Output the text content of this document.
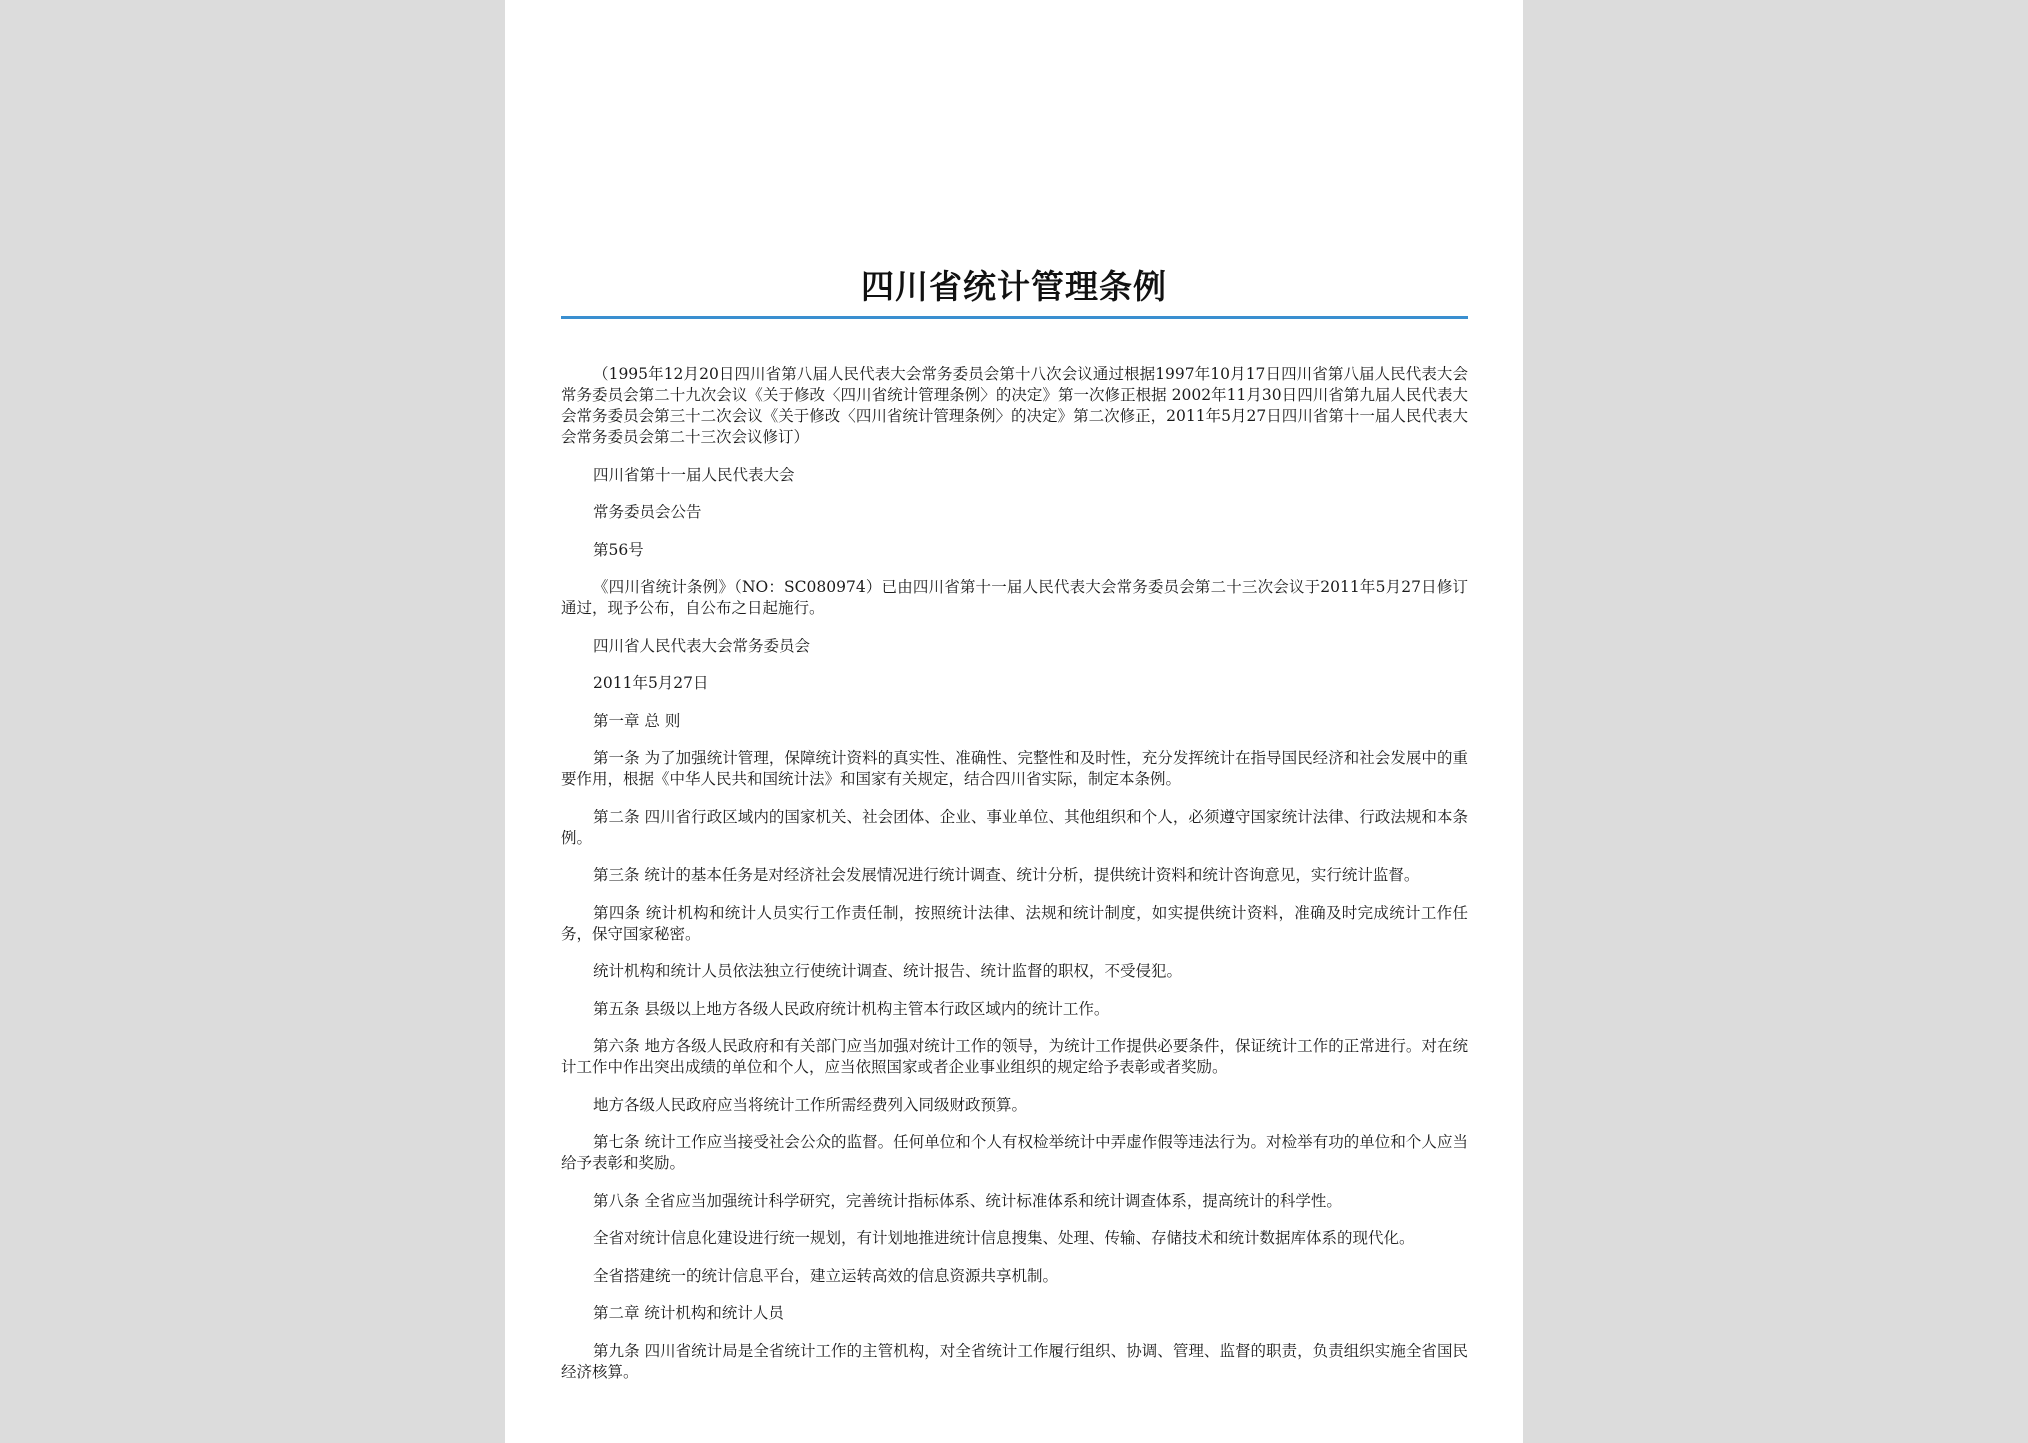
四川省统计管理条例

（1995年12月20日四川省第八届人民代表大会常务委员会第十八次会议通过根据1997年10月17日四川省第八届人民代表大会常务委员会第二十九次会议《关于修改〈四川省统计管理条例〉的决定》第一次修正根据 2002年11月30日四川省第九届人民代表大会常务委员会第三十二次会议《关于修改〈四川省统计管理条例〉的决定》第二次修正，2011年5月27日四川省第十一届人民代表大会常务委员会第二十三次会议修订）

四川省第十一届人民代表大会

常务委员会公告

第56号

《四川省统计条例》（NO：SC080974）已由四川省第十一届人民代表大会常务委员会第二十三次会议于2011年5月27日修订通过，现予公布，自公布之日起施行。

四川省人民代表大会常务委员会

2011年5月27日

第一章 总 则

第一条 为了加强统计管理，保障统计资料的真实性、准确性、完整性和及时性，充分发挥统计在指导国民经济和社会发展中的重要作用，根据《中华人民共和国统计法》和国家有关规定，结合四川省实际，制定本条例。

第二条 四川省行政区域内的国家机关、社会团体、企业、事业单位、其他组织和个人，必须遵守国家统计法律、行政法规和本条例。

第三条 统计的基本任务是对经济社会发展情况进行统计调查、统计分析，提供统计资料和统计咨询意见，实行统计监督。

第四条 统计机构和统计人员实行工作责任制，按照统计法律、法规和统计制度，如实提供统计资料，准确及时完成统计工作任务，保守国家秘密。

统计机构和统计人员依法独立行使统计调查、统计报告、统计监督的职权，不受侵犯。

第五条 县级以上地方各级人民政府统计机构主管本行政区域内的统计工作。

第六条 地方各级人民政府和有关部门应当加强对统计工作的领导，为统计工作提供必要条件，保证统计工作的正常进行。对在统计工作中作出突出成绩的单位和个人，应当依照国家或者企业事业组织的规定给予表彰或者奖励。

地方各级人民政府应当将统计工作所需经费列入同级财政预算。

第七条 统计工作应当接受社会公众的监督。任何单位和个人有权检举统计中弄虚作假等违法行为。对检举有功的单位和个人应当给予表彰和奖励。

第八条 全省应当加强统计科学研究，完善统计指标体系、统计标准体系和统计调查体系，提高统计的科学性。

全省对统计信息化建设进行统一规划，有计划地推进统计信息搜集、处理、传输、存储技术和统计数据库体系的现代化。

全省搭建统一的统计信息平台，建立运转高效的信息资源共享机制。

第二章 统计机构和统计人员

第九条 四川省统计局是全省统计工作的主管机构，对全省统计工作履行组织、协调、管理、监督的职责，负责组织实施全省国民经济核算。
